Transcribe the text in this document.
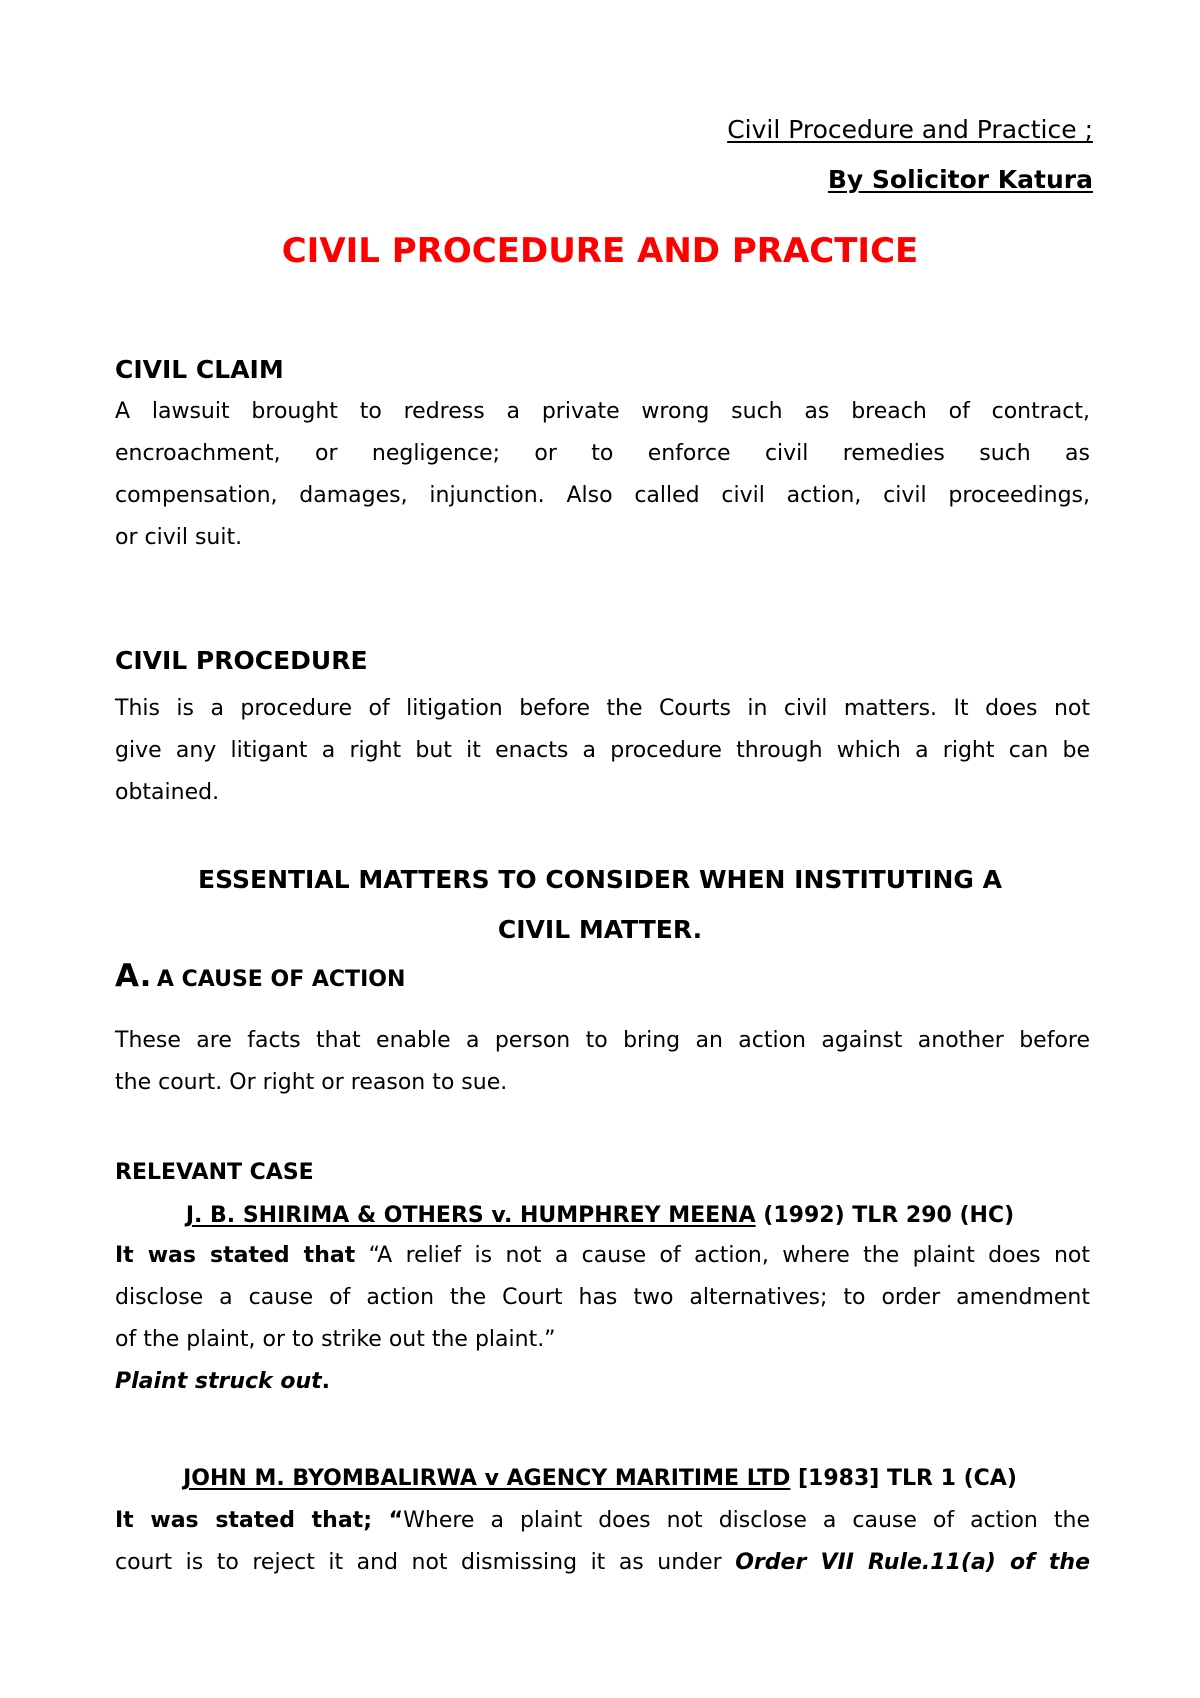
Civil Procedure and Practice ;
By Solicitor Katura
CIVIL PROCEDURE AND PRACTICE
CIVIL CLAIM
A lawsuit brought to redress a private wrong such as breach of contract,
encroachment, or negligence; or to enforce civil remedies such as
compensation, damages, injunction. Also called civil action, civil proceedings,
or civil suit.
CIVIL PROCEDURE
This is a procedure of litigation before the Courts in civil matters. It does not
give any litigant a right but it enacts a procedure through which a right can be
obtained.
ESSENTIAL MATTERS TO CONSIDER WHEN INSTITUTING A
CIVIL MATTER.
A. A CAUSE OF ACTION
These are facts that enable a person to bring an action against another before
the court. Or right or reason to sue.
RELEVANT CASE
J. B. SHIRIMA & OTHERS v. HUMPHREY MEENA (1992) TLR 290 (HC)
It was stated that “A relief is not a cause of action, where the plaint does not
disclose a cause of action the Court has two alternatives; to order amendment
of the plaint, or to strike out the plaint.”
Plaint struck out.
JOHN M. BYOMBALIRWA v AGENCY MARITIME LTD [1983] TLR 1 (CA)
It was stated that; “Where a plaint does not disclose a cause of action the
court is to reject it and not dismissing it as under Order VII Rule.11(a) of the
